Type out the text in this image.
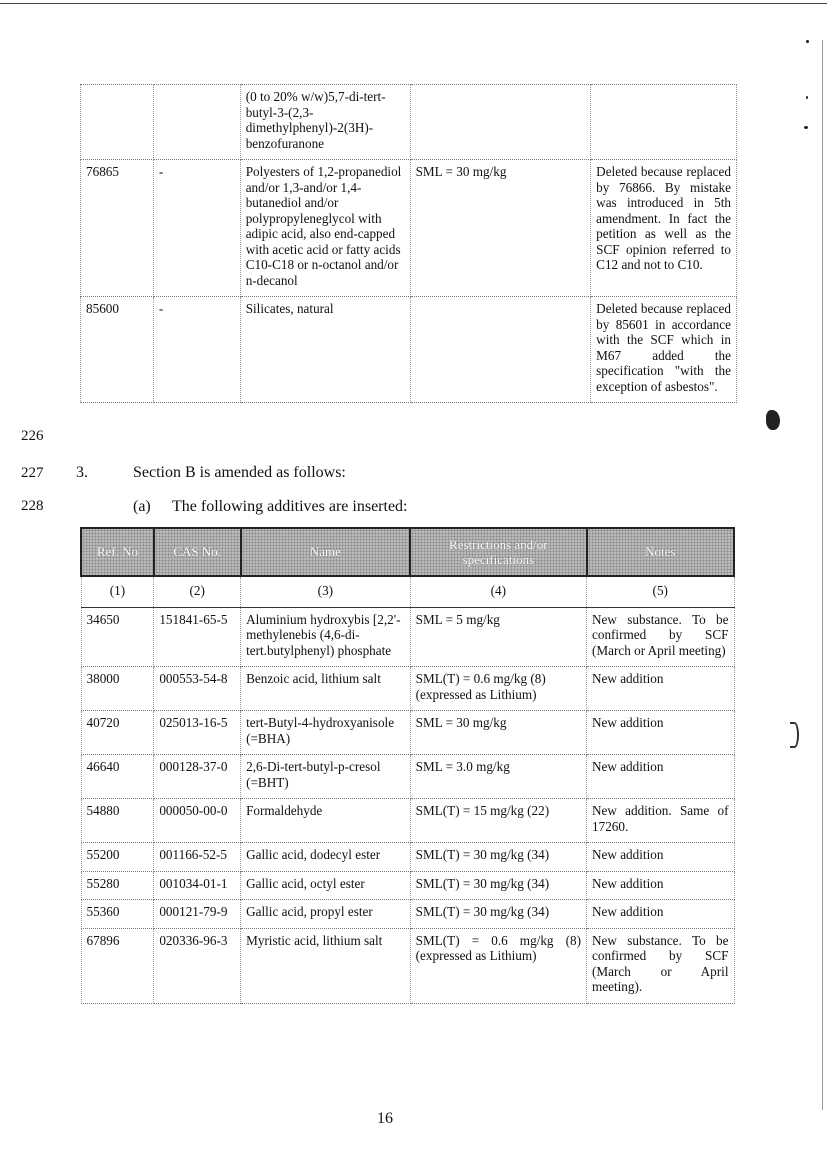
		(0 to 20% w/w)5,7-di-tert-butyl-3-(2,3-dimethylphenyl)-2(3H)-benzofuranone		
76865	-	Polyesters of 1,2-propanediol and/or 1,3-and/or 1,4-butanediol and/or polypropyleneglycol with adipic acid, also end-capped with acetic acid or fatty acids C10-C18 or n-octanol and/or n-decanol	SML = 30 mg/kg	Deleted because replaced by 76866. By mistake was introduced in 5th amendment. In fact the petition as well as the SCF opinion referred to C12 and not to C10.
85600	-	Silicates, natural		Deleted because replaced by 85601 in accordance with the SCF which in M67 added the specification "with the exception of asbestos".
226
227 3.	Section B is amended as follows:
228	(a) The following additives are inserted:
Ref. No	CAS No.	Name	Restrictions and/or specifications	Notes
(1)	(2)	(3)	(4)	(5)
34650	151841-65-5	Aluminium hydroxybis [2,2'-methylenebis (4,6-di-tert.butylphenyl) phosphate	SML = 5 mg/kg	New substance. To be confirmed by SCF (March or April meeting)
38000	000553-54-8	Benzoic acid, lithium salt	SML(T) = 0.6 mg/kg (8) (expressed as Lithium)	New addition
40720	025013-16-5	tert-Butyl-4-hydroxyanisole (=BHA)	SML = 30 mg/kg	New addition
46640	000128-37-0	2,6-Di-tert-butyl-p-cresol (=BHT)	SML = 3.0 mg/kg	New addition
54880	000050-00-0	Formaldehyde	SML(T) = 15 mg/kg (22)	New addition. Same of 17260.
55200	001166-52-5	Gallic acid, dodecyl ester	SML(T) = 30 mg/kg (34)	New addition
55280	001034-01-1	Gallic acid, octyl ester	SML(T) = 30 mg/kg (34)	New addition
55360	000121-79-9	Gallic acid, propyl ester	SML(T) = 30 mg/kg (34)	New addition
67896	020336-96-3	Myristic acid, lithium salt	SML(T) = 0.6 mg/kg (8) (expressed as Lithium)	New substance. To be confirmed by SCF (March or April meeting).
16
